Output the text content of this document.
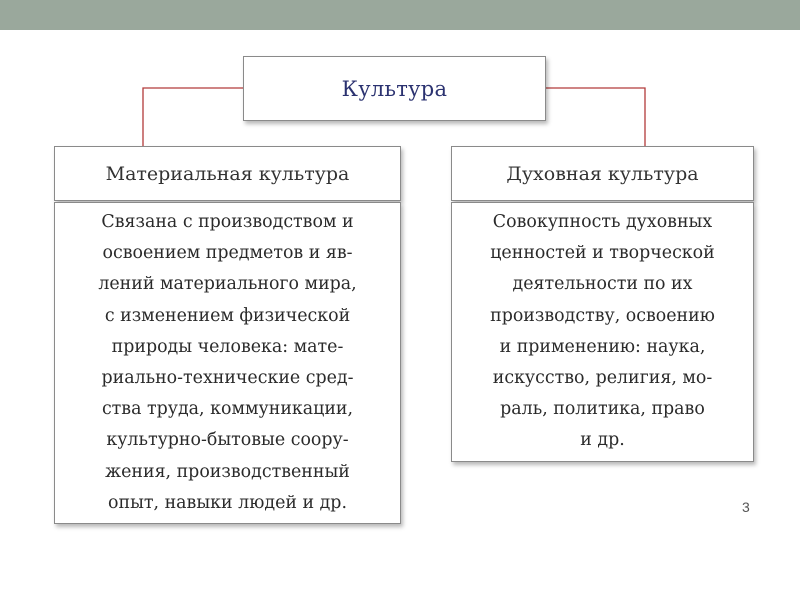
Культура
Материальная культура
Связана с производством и
освоением предметов и яв-
лений материального мира,
с изменением физической
природы человека: мате-
риально-технические сред-
ства труда, коммуникации,
культурно-бытовые соору-
жения, производственный
опыт, навыки людей и др.
Духовная культура
Совокупность духовных
ценностей и творческой
деятельности по их
производству, освоению
и применению: наука,
искусство, религия, мо-
раль, политика, право
и др.
3
